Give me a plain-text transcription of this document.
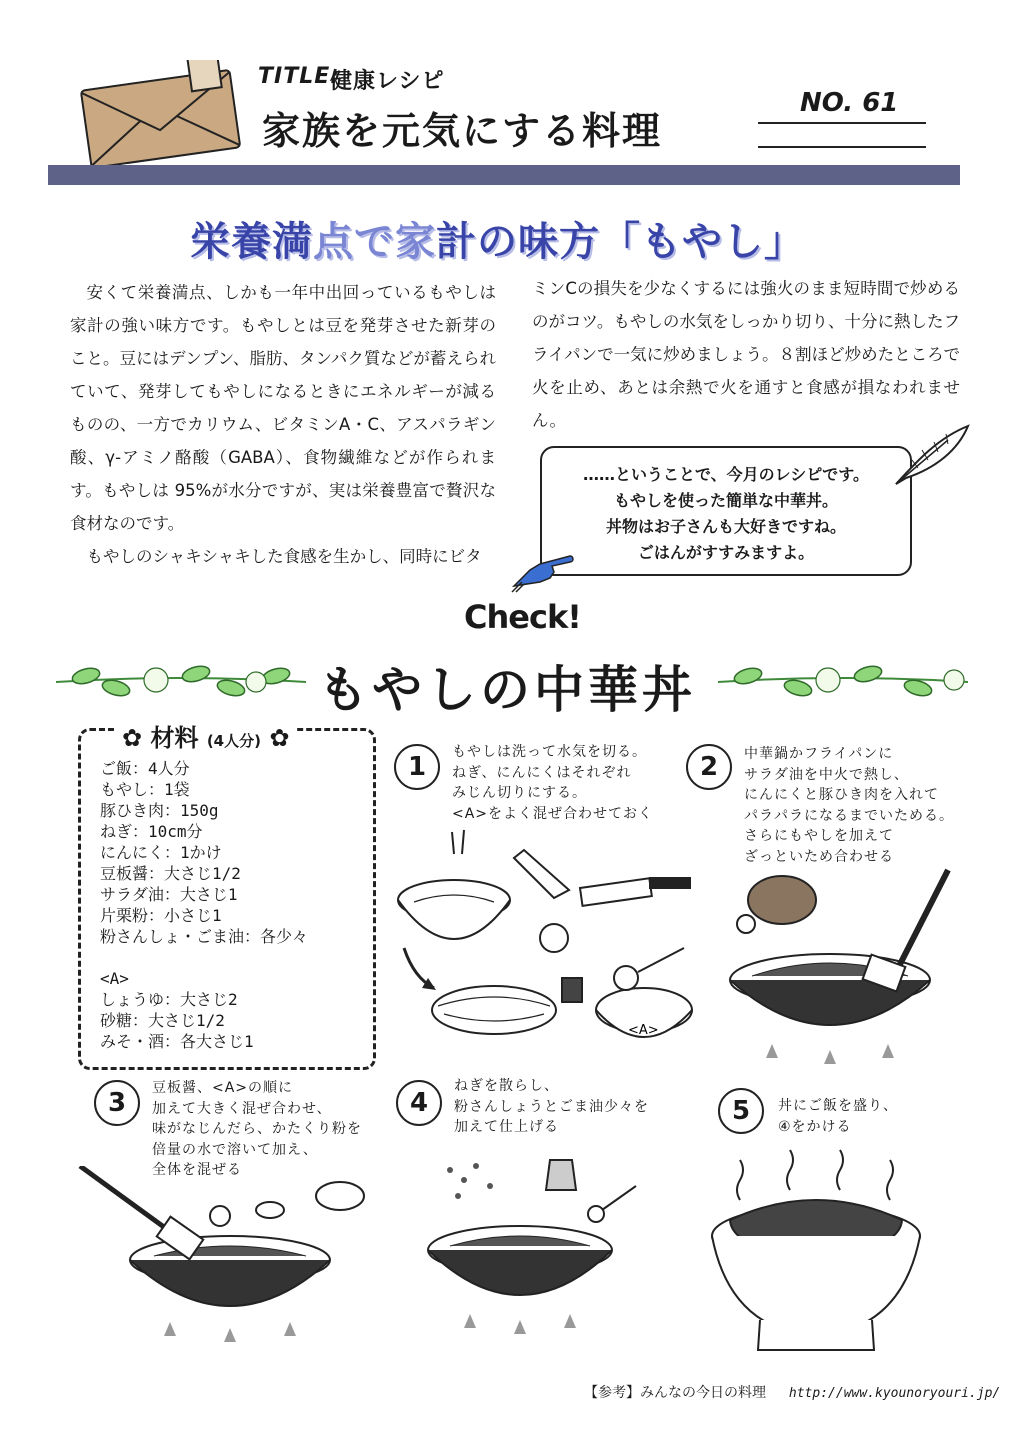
TITLE:
健康レシピ
家族を元気にする料理
NO. 61
栄養満点で家計の味方「もやし」

安くて栄養満点、しかも一年中出回っているもやしは家計の強い味方です。もやしとは豆を発芽させた新芽のこと。豆にはデンプン、脂肪、タンパク質などが蓄えられていて、発芽してもやしになるときにエネルギーが減るものの、一方でカリウム、ビタミンA・C、アスパラギン酸、γ-アミノ酪酸（GABA）、食物繊維などが作られます。もやしは 95%が水分ですが、実は栄養豊富で贅沢な食材なのです。

もやしのシャキシャキした食感を生かし、同時にビタ

ミンCの損失を少なくするには強火のまま短時間で炒めるのがコツ。もやしの水気をしっかり切り、十分に熱したフライパンで一気に炒めましょう。８割ほど炒めたところで火を止め、あとは余熱で火を通すと食感が損なわれません。

……ということで、今月のレシピです。
もやしを使った簡単な中華丼。
丼物はお子さんも大好きですね。
ごはんがすすみますよ。
Check!
もやしの中華丼
✿ 材料 (4人分) ✿
ご飯：4人分
もやし：1袋
豚ひき肉：150g
ねぎ：10cm分
にんにく：1かけ
豆板醤：大さじ1/2
サラダ油：大さじ1
片栗粉：小さじ1
粉さんしょ・ごま油：各少々
<A>
しょうゆ：大さじ2
砂糖：大さじ1/2
みそ・酒：各大さじ1
1	もやしは洗って水気を切る。
ねぎ、にんにくはそれぞれ
みじん切りにする。
<A>をよく混ぜ合わせておく
<A>
2	中華鍋かフライパンに
サラダ油を中火で熱し、
にんにくと豚ひき肉を入れて
パラパラになるまでいためる。
さらにもやしを加えて
ざっといため合わせる
3	豆板醤、<A>の順に
加えて大きく混ぜ合わせ、
味がなじんだら、かたくり粉を
倍量の水で溶いて加え、
全体を混ぜる
4
ねぎを散らし、
粉さんしょうとごま油少々を
加えて仕上げる
5	丼にご飯を盛り、
④をかける
【参考】みんなの今日の料理 http://www.kyounoryouri.jp/
